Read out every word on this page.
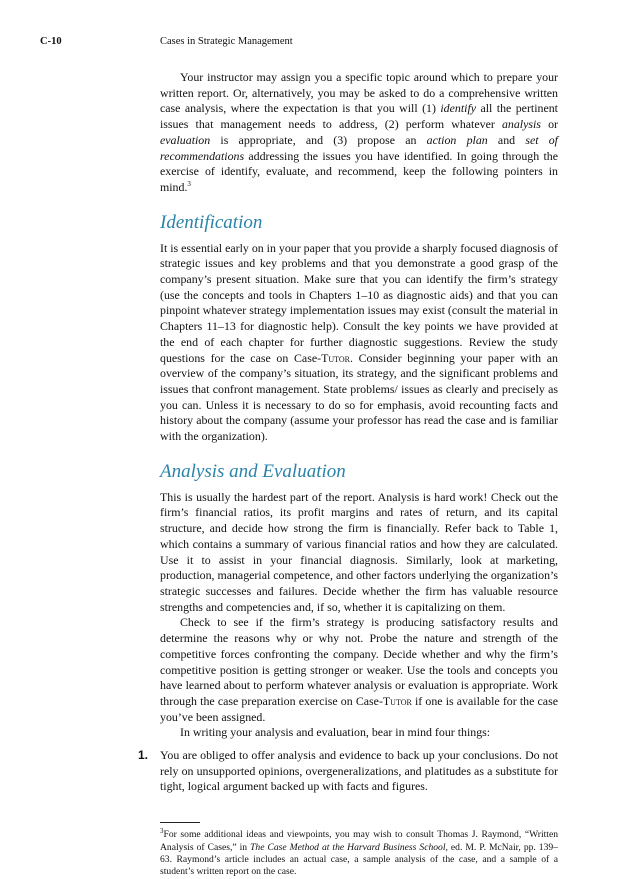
C-10	Cases in Strategic Management

Your instructor may assign you a specific topic around which to prepare your written report. Or, alternatively, you may be asked to do a comprehensive written case analysis, where the expectation is that you will (1) identify all the pertinent issues that management needs to address, (2) perform whatever analysis or evaluation is appropriate, and (3) propose an action plan and set of recommendations addressing the issues you have identified. In going through the exercise of identify, evaluate, and recommend, keep the following pointers in mind.$^3$

Identification

It is essential early on in your paper that you provide a sharply focused diagnosis of strategic issues and key problems and that you demonstrate a good grasp of the company’s present situation. Make sure that you can identify the firm’s strategy (use the concepts and tools in Chapters 1–10 as diagnostic aids) and that you can pinpoint whatever strategy implementation issues may exist (consult the material in Chapters 11–13 for diagnostic help). Consult the key points we have provided at the end of each chapter for further diagnostic suggestions. Review the study questions for the case on Case-Tutor. Consider beginning your paper with an overview of the company’s situation, its strategy, and the significant problems and issues that confront management. State problems/ issues as clearly and precisely as you can. Unless it is necessary to do so for emphasis, avoid recounting facts and history about the company (assume your professor has read the case and is familiar with the organization).

Analysis and Evaluation

This is usually the hardest part of the report. Analysis is hard work! Check out the firm’s financial ratios, its profit margins and rates of return, and its capital structure, and decide how strong the firm is financially. Refer back to Table 1, which contains a summary of various financial ratios and how they are calculated. Use it to assist in your financial diagnosis. Similarly, look at marketing, production, managerial competence, and other factors underlying the organization’s strategic successes and failures. Decide whether the firm has valuable resource strengths and competencies and, if so, whether it is capitalizing on them.

Check to see if the firm’s strategy is producing satisfactory results and determine the reasons why or why not. Probe the nature and strength of the competitive forces confronting the company. Decide whether and why the firm’s competitive position is getting stronger or weaker. Use the tools and concepts you have learned about to perform whatever analysis or evaluation is appropriate. Work through the case preparation exercise on Case-Tutor if one is available for the case you’ve been assigned.

In writing your analysis and evaluation, bear in mind four things:

1. You are obliged to offer analysis and evidence to back up your conclusions. Do not rely on unsupported opinions, overgeneralizations, and platitudes as a substitute for tight, logical argument backed up with facts and figures.

$^3$For some additional ideas and viewpoints, you may wish to consult Thomas J. Raymond, “Written Analysis of Cases,” in The Case Method at the Harvard Business School, ed. M. P. McNair, pp. 139–63. Raymond’s article includes an actual case, a sample analysis of the case, and a sample of a student’s written report on the case.
